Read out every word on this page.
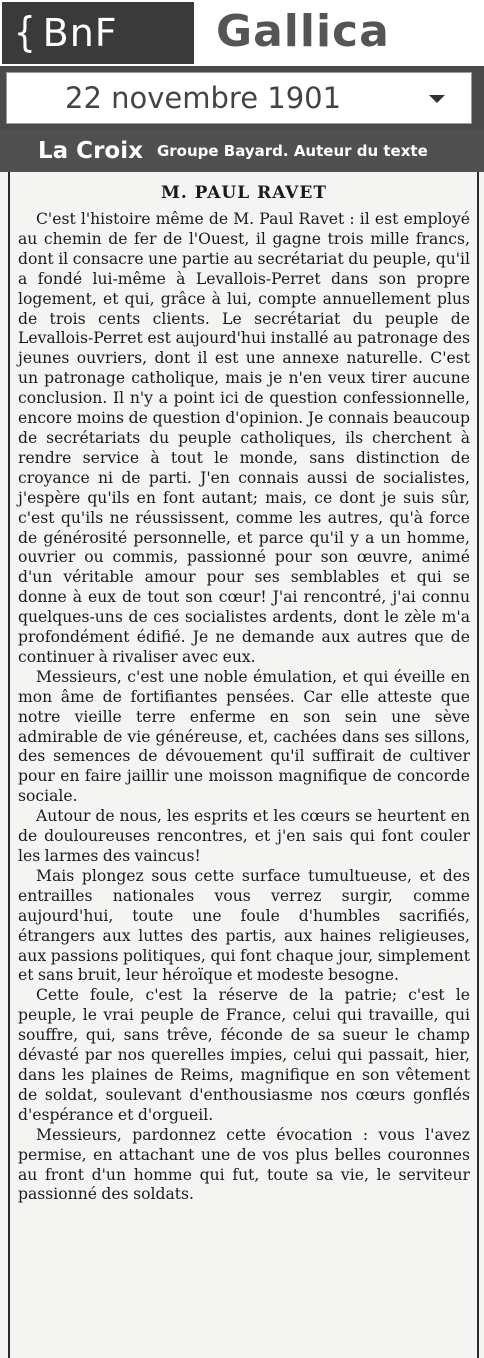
{ BnF Gallica
22 novembre 1901
La Croix Groupe Bayard. Auteur du texte
M. PAUL RAVET

C'est l'histoire même de M. Paul Ravet : il est employé au chemin de fer de l'Ouest, il gagne trois mille francs, dont il consacre une partie au secrétariat du peuple, qu'il a fondé lui-même à Levallois-Perret dans son propre logement, et qui, grâce à lui, compte annuellement plus de trois cents clients. Le secrétariat du peuple de Levallois-Perret est aujourd'hui installé au patronage des jeunes ouvriers, dont il est une annexe naturelle. C'est un patronage catholique, mais je n'en veux tirer aucune conclusion. Il n'y a point ici de question confessionnelle, encore moins de question d'opinion. Je connais beaucoup de secrétariats du peuple catholiques, ils cherchent à rendre service à tout le monde, sans distinction de croyance ni de parti. J'en connais aussi de socialistes, j'espère qu'ils en font autant; mais, ce dont je suis sûr, c'est qu'ils ne réussissent, comme les autres, qu'à force de générosité personnelle, et parce qu'il y a un homme, ouvrier ou commis, passionné pour son œuvre, animé d'un véritable amour pour ses semblables et qui se donne à eux de tout son cœur! J'ai rencontré, j'ai connu quelques-uns de ces socialistes ardents, dont le zèle m'a profondément édifié. Je ne demande aux autres que de continuer à rivaliser avec eux.

Messieurs, c'est une noble émulation, et qui éveille en mon âme de fortifiantes pensées. Car elle atteste que notre vieille terre enferme en son sein une sève admirable de vie généreuse, et, cachées dans ses sillons, des semences de dévouement qu'il suffirait de cultiver pour en faire jaillir une moisson magnifique de concorde sociale.

Autour de nous, les esprits et les cœurs se heurtent en de douloureuses rencontres, et j'en sais qui font couler les larmes des vaincus!

Mais plongez sous cette surface tumultueuse, et des entrailles nationales vous verrez surgir, comme aujourd'hui, toute une foule d'humbles sacrifiés, étrangers aux luttes des partis, aux haines religieuses, aux passions politiques, qui font chaque jour, simplement et sans bruit, leur héroïque et modeste besogne.

Cette foule, c'est la réserve de la patrie; c'est le peuple, le vrai peuple de France, celui qui travaille, qui souffre, qui, sans trêve, féconde de sa sueur le champ dévasté par nos querelles impies, celui qui passait, hier, dans les plaines de Reims, magnifique en son vêtement de soldat, soulevant d'enthousiasme nos cœurs gonflés d'espérance et d'orgueil.

Messieurs, pardonnez cette évocation : vous l'avez permise, en attachant une de vos plus belles couronnes au front d'un homme qui fut, toute sa vie, le serviteur passionné des soldats.
